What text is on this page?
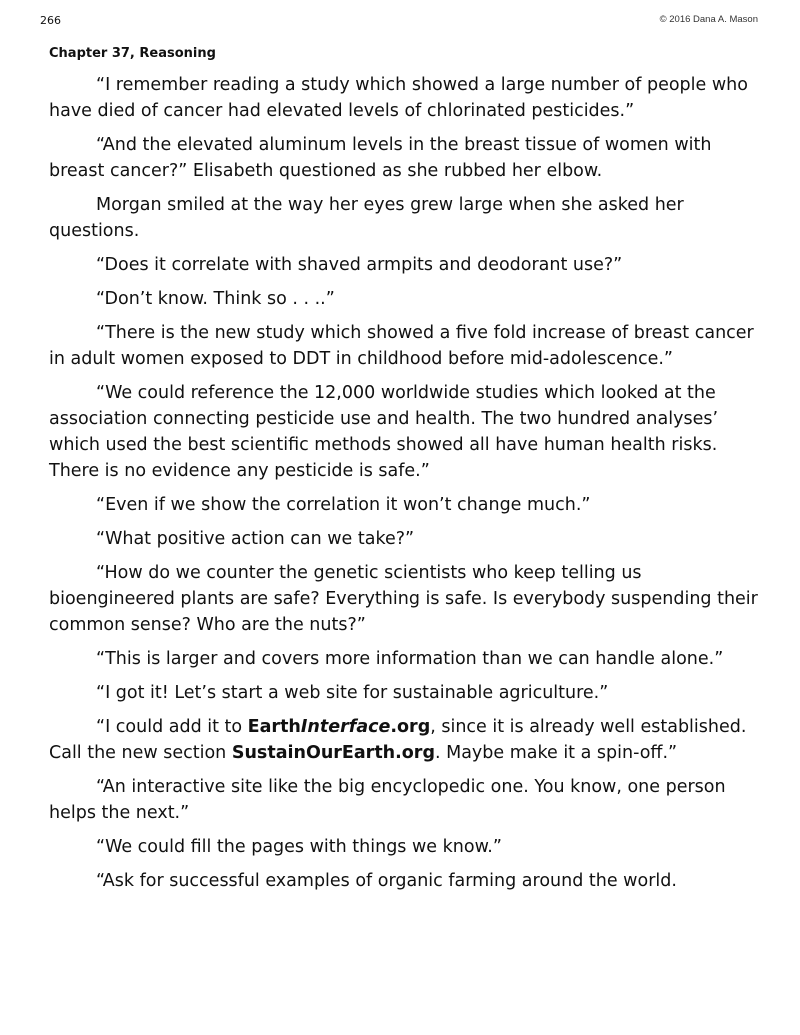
266	© 2016 Dana A. Mason
Chapter 37, Reasoning

“I remember reading a study which showed a large number of people who have died of cancer had elevated levels of chlorinated pesticides.”

“And the elevated aluminum levels in the breast tissue of women with breast cancer?” Elisabeth questioned as she rubbed her elbow.

Morgan smiled at the way her eyes grew large when she asked her questions.

“Does it correlate with shaved armpits and deodorant use?”

“Don’t know. Think so . . ..”

“There is the new study which showed a five fold increase of breast cancer in adult women exposed to DDT in childhood before mid-adolescence.”

“We could reference the 12,000 worldwide studies which looked at the association connecting pesticide use and health. The two hundred analyses’ which used the best scientific methods showed all have human health risks. There is no evidence any pesticide is safe.”

“Even if we show the correlation it won’t change much.”

“What positive action can we take?”

“How do we counter the genetic scientists who keep telling us bioengineered plants are safe? Everything is safe. Is everybody suspending their common sense? Who are the nuts?”

“This is larger and covers more information than we can handle alone.”

“I got it! Let’s start a web site for sustainable agriculture.”

“I could add it to EarthInterface.org, since it is already well established. Call the new section SustainOurEarth.org. Maybe make it a spin-off.”

“An interactive site like the big encyclopedic one. You know, one person helps the next.”

“We could fill the pages with things we know.”

“Ask for successful examples of organic farming around the world.
